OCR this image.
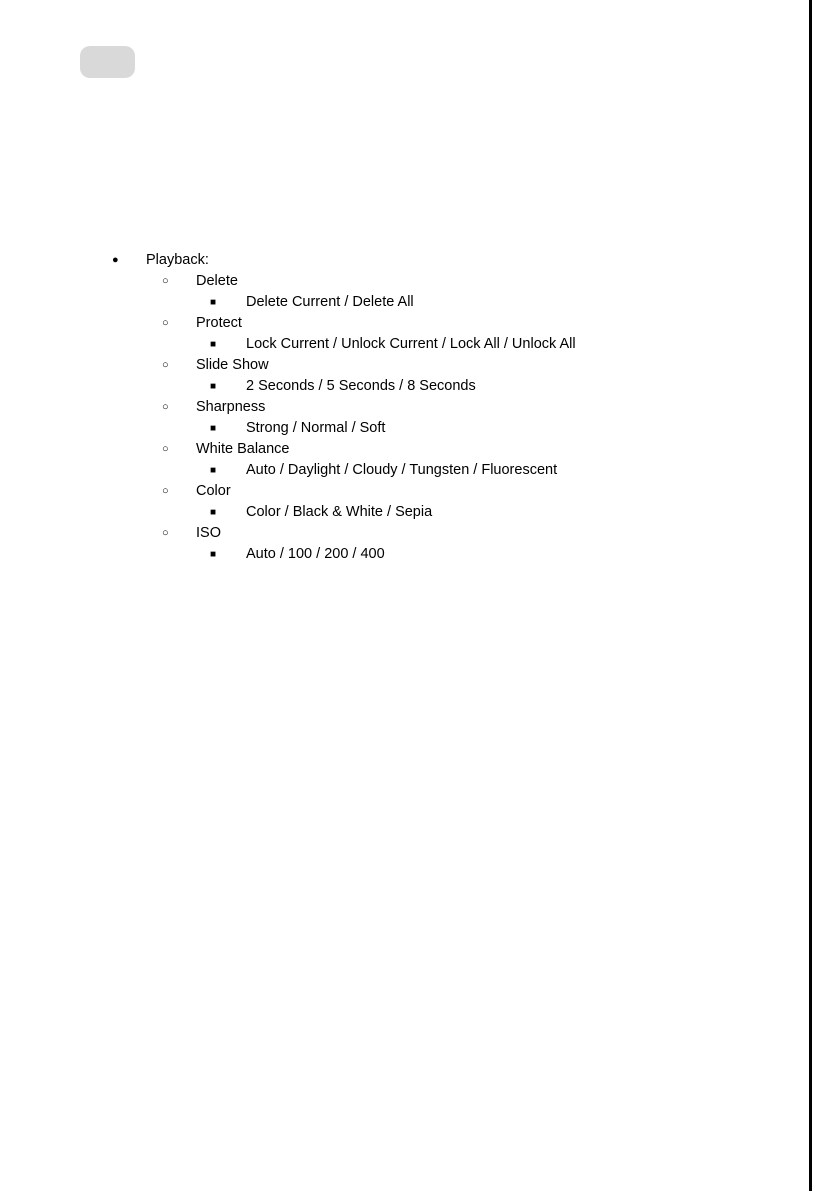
● Playback:
○ Delete
■ Delete Current / Delete All
○ Protect
■ Lock Current / Unlock Current / Lock All / Unlock All
○ Slide Show
■ 2 Seconds / 5 Seconds / 8 Seconds
○ Sharpness
■ Strong / Normal / Soft
○ White Balance
■ Auto / Daylight / Cloudy / Tungsten / Fluorescent
○ Color
■ Color / Black & White / Sepia
○ ISO
■ Auto / 100 / 200 / 400
